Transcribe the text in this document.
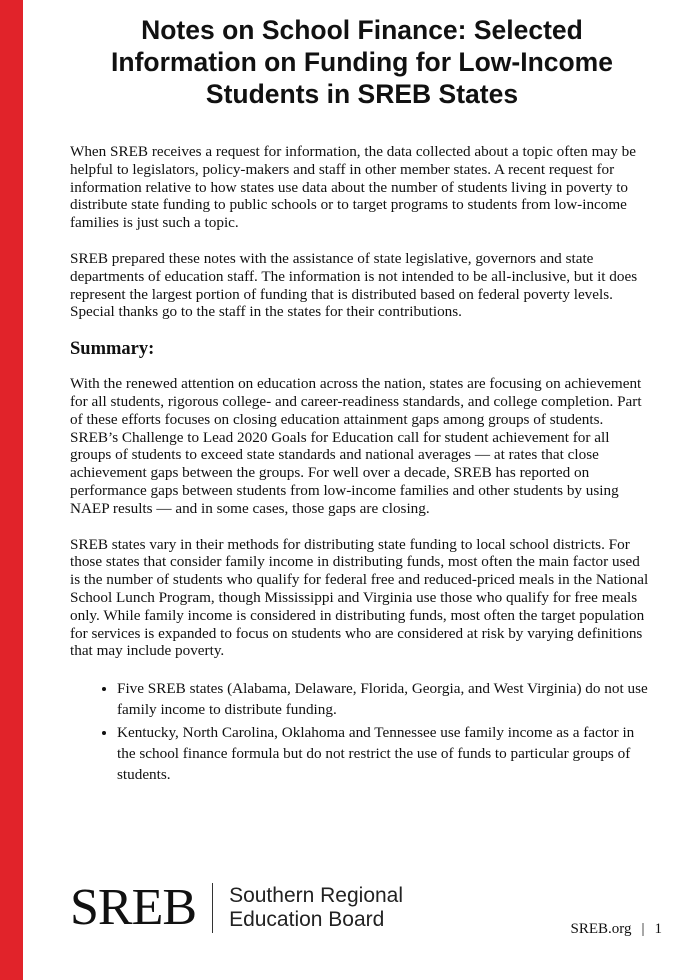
Notes on School Finance: Selected Information on Funding for Low-Income Students in SREB States

When SREB receives a request for information, the data collected about a topic often may be helpful to legislators, policy-makers and staff in other member states. A recent request for information relative to how states use data about the number of students living in poverty to distribute state funding to public schools or to target programs to students from low-income families is just such a topic.

SREB prepared these notes with the assistance of state legislative, governors and state departments of education staff. The information is not intended to be all-inclusive, but it does represent the largest portion of funding that is distributed based on federal poverty levels. Special thanks go to the staff in the states for their contributions.

Summary:

With the renewed attention on education across the nation, states are focusing on achievement for all students, rigorous college- and career-readiness standards, and college completion. Part of these efforts focuses on closing education attainment gaps among groups of students. SREB’s Challenge to Lead 2020 Goals for Education call for student achievement for all groups of students to exceed state standards and national averages — at rates that close achievement gaps between the groups. For well over a decade, SREB has reported on performance gaps between students from low-income families and other students by using NAEP results — and in some cases, those gaps are closing.

SREB states vary in their methods for distributing state funding to local school districts. For those states that consider family income in distributing funds, most often the main factor used is the number of students who qualify for federal free and reduced-priced meals in the National School Lunch Program, though Mississippi and Virginia use those who qualify for free meals only. While family income is considered in distributing funds, most often the target population for services is expanded to focus on students who are considered at risk by varying definitions that may include poverty.

• Five SREB states (Alabama, Delaware, Florida, Georgia, and West Virginia) do not use family income to distribute funding.
• Kentucky, North Carolina, Oklahoma and Tennessee use family income as a factor in the school finance formula but do not restrict the use of funds to particular groups of students.
SREB Southern Regional
Education Board	SREB.org | 1
